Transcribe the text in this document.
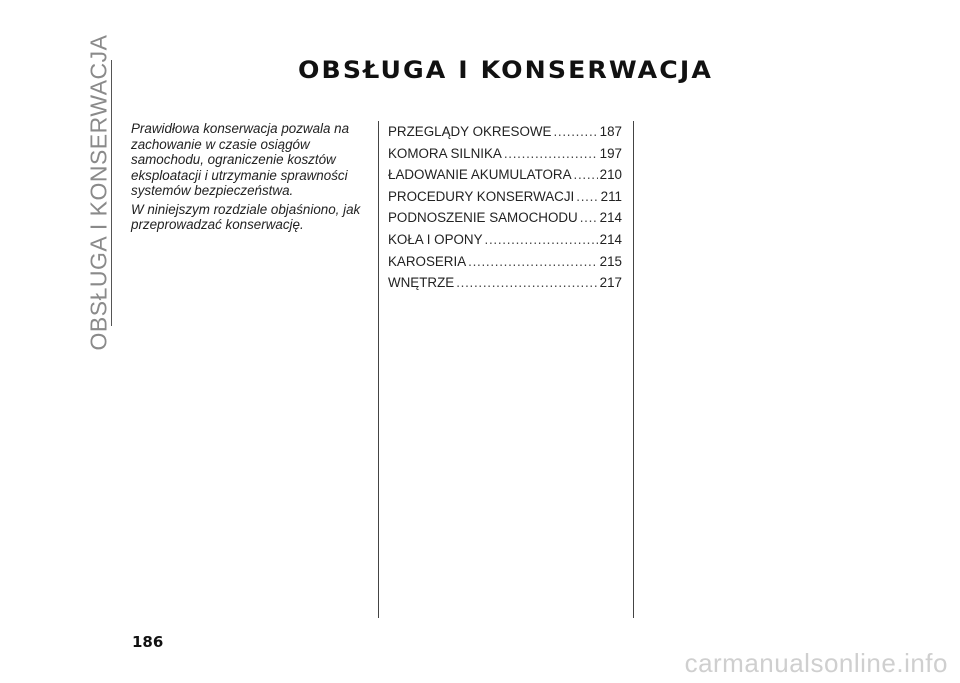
OBSŁUGA I KONSERWACJA	OBSŁUGA I KONSERWACJA

Prawidłowa konserwacja pozwala na zachowanie w czasie osiągów samochodu, ograniczenie kosztów eksploatacji i utrzymanie sprawności systemów bezpieczeństwa.

W niniejszym rozdziale objaśniono, jak przeprowadzać konserwację.

PRZEGLĄDY OKRESOWE . . .	187
KOMORA SILNIKA . . .	197
ŁADOWANIE AKUMULATORA . . . 210
PROCEDURY KONSERWACJI . . . 211
PODNOSZENIE SAMOCHODU . . . 214
KOŁA I OPONY . . .	214
KAROSERIA . . .	215
WNĘTRZE . . .	217
186
carmanualsonline.info
